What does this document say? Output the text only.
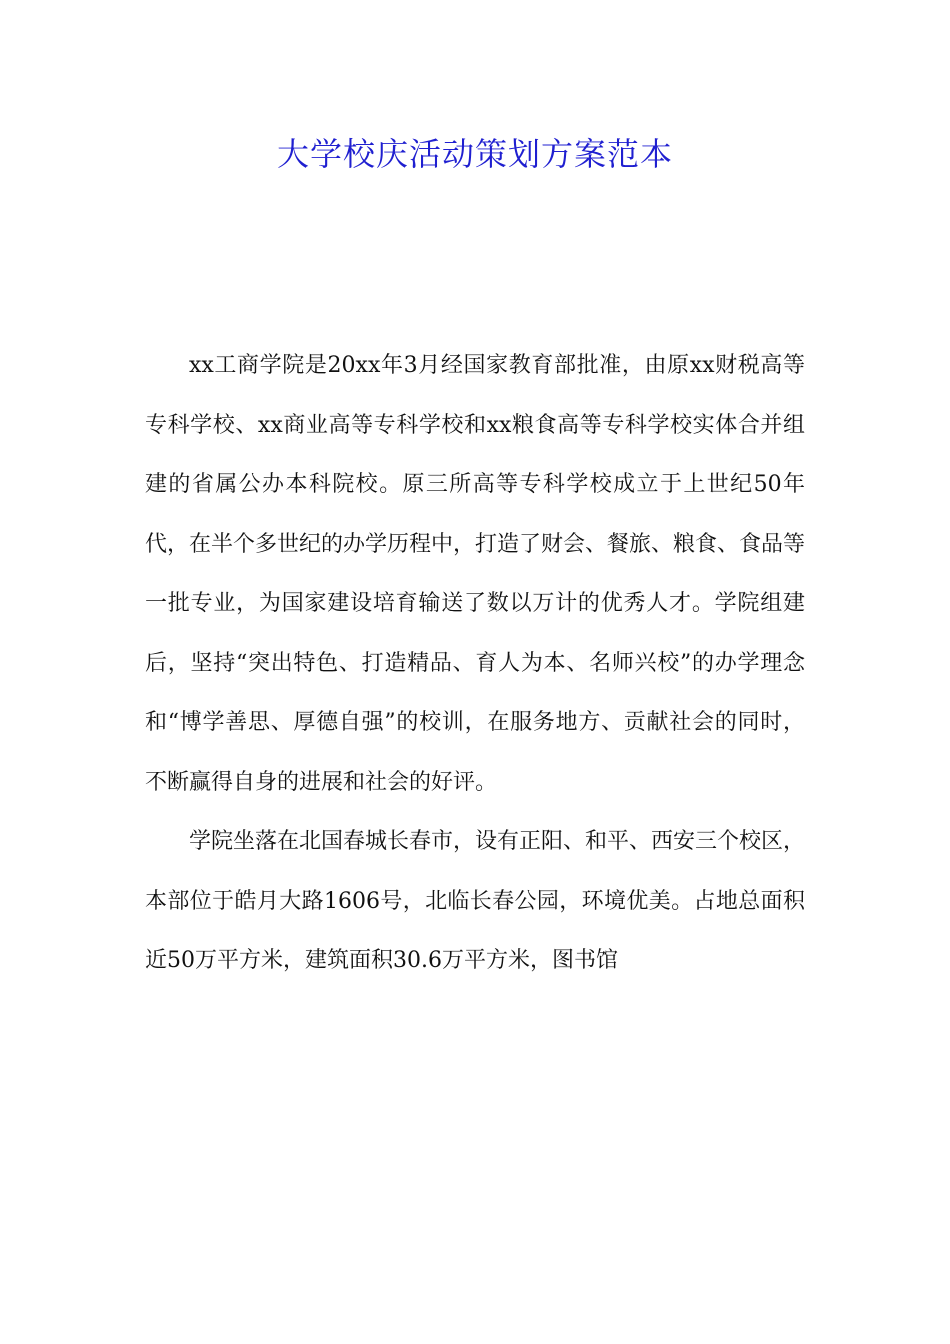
大学校庆活动策划方案范本

xx工商学院是20xx年3月经国家教育部批准，由原xx财税高等专科学校、xx商业高等专科学校和xx粮食高等专科学校实体合并组建的省属公办本科院校。原三所高等专科学校成立于上世纪50年代，在半个多世纪的办学历程中，打造了财会、餐旅、粮食、食品等一批专业，为国家建设培育输送了数以万计的优秀人才。学院组建后，坚持“突出特色、打造精品、育人为本、名师兴校”的办学理念和“博学善思、厚德自强”的校训，在服务地方、贡献社会的同时，不断赢得自身的进展和社会的好评。

学院坐落在北国春城长春市，设有正阳、和平、西安三个校区，本部位于皓月大路1606号，北临长春公园，环境优美。占地总面积近50万平方米，建筑面积30.6万平方米，图书馆
